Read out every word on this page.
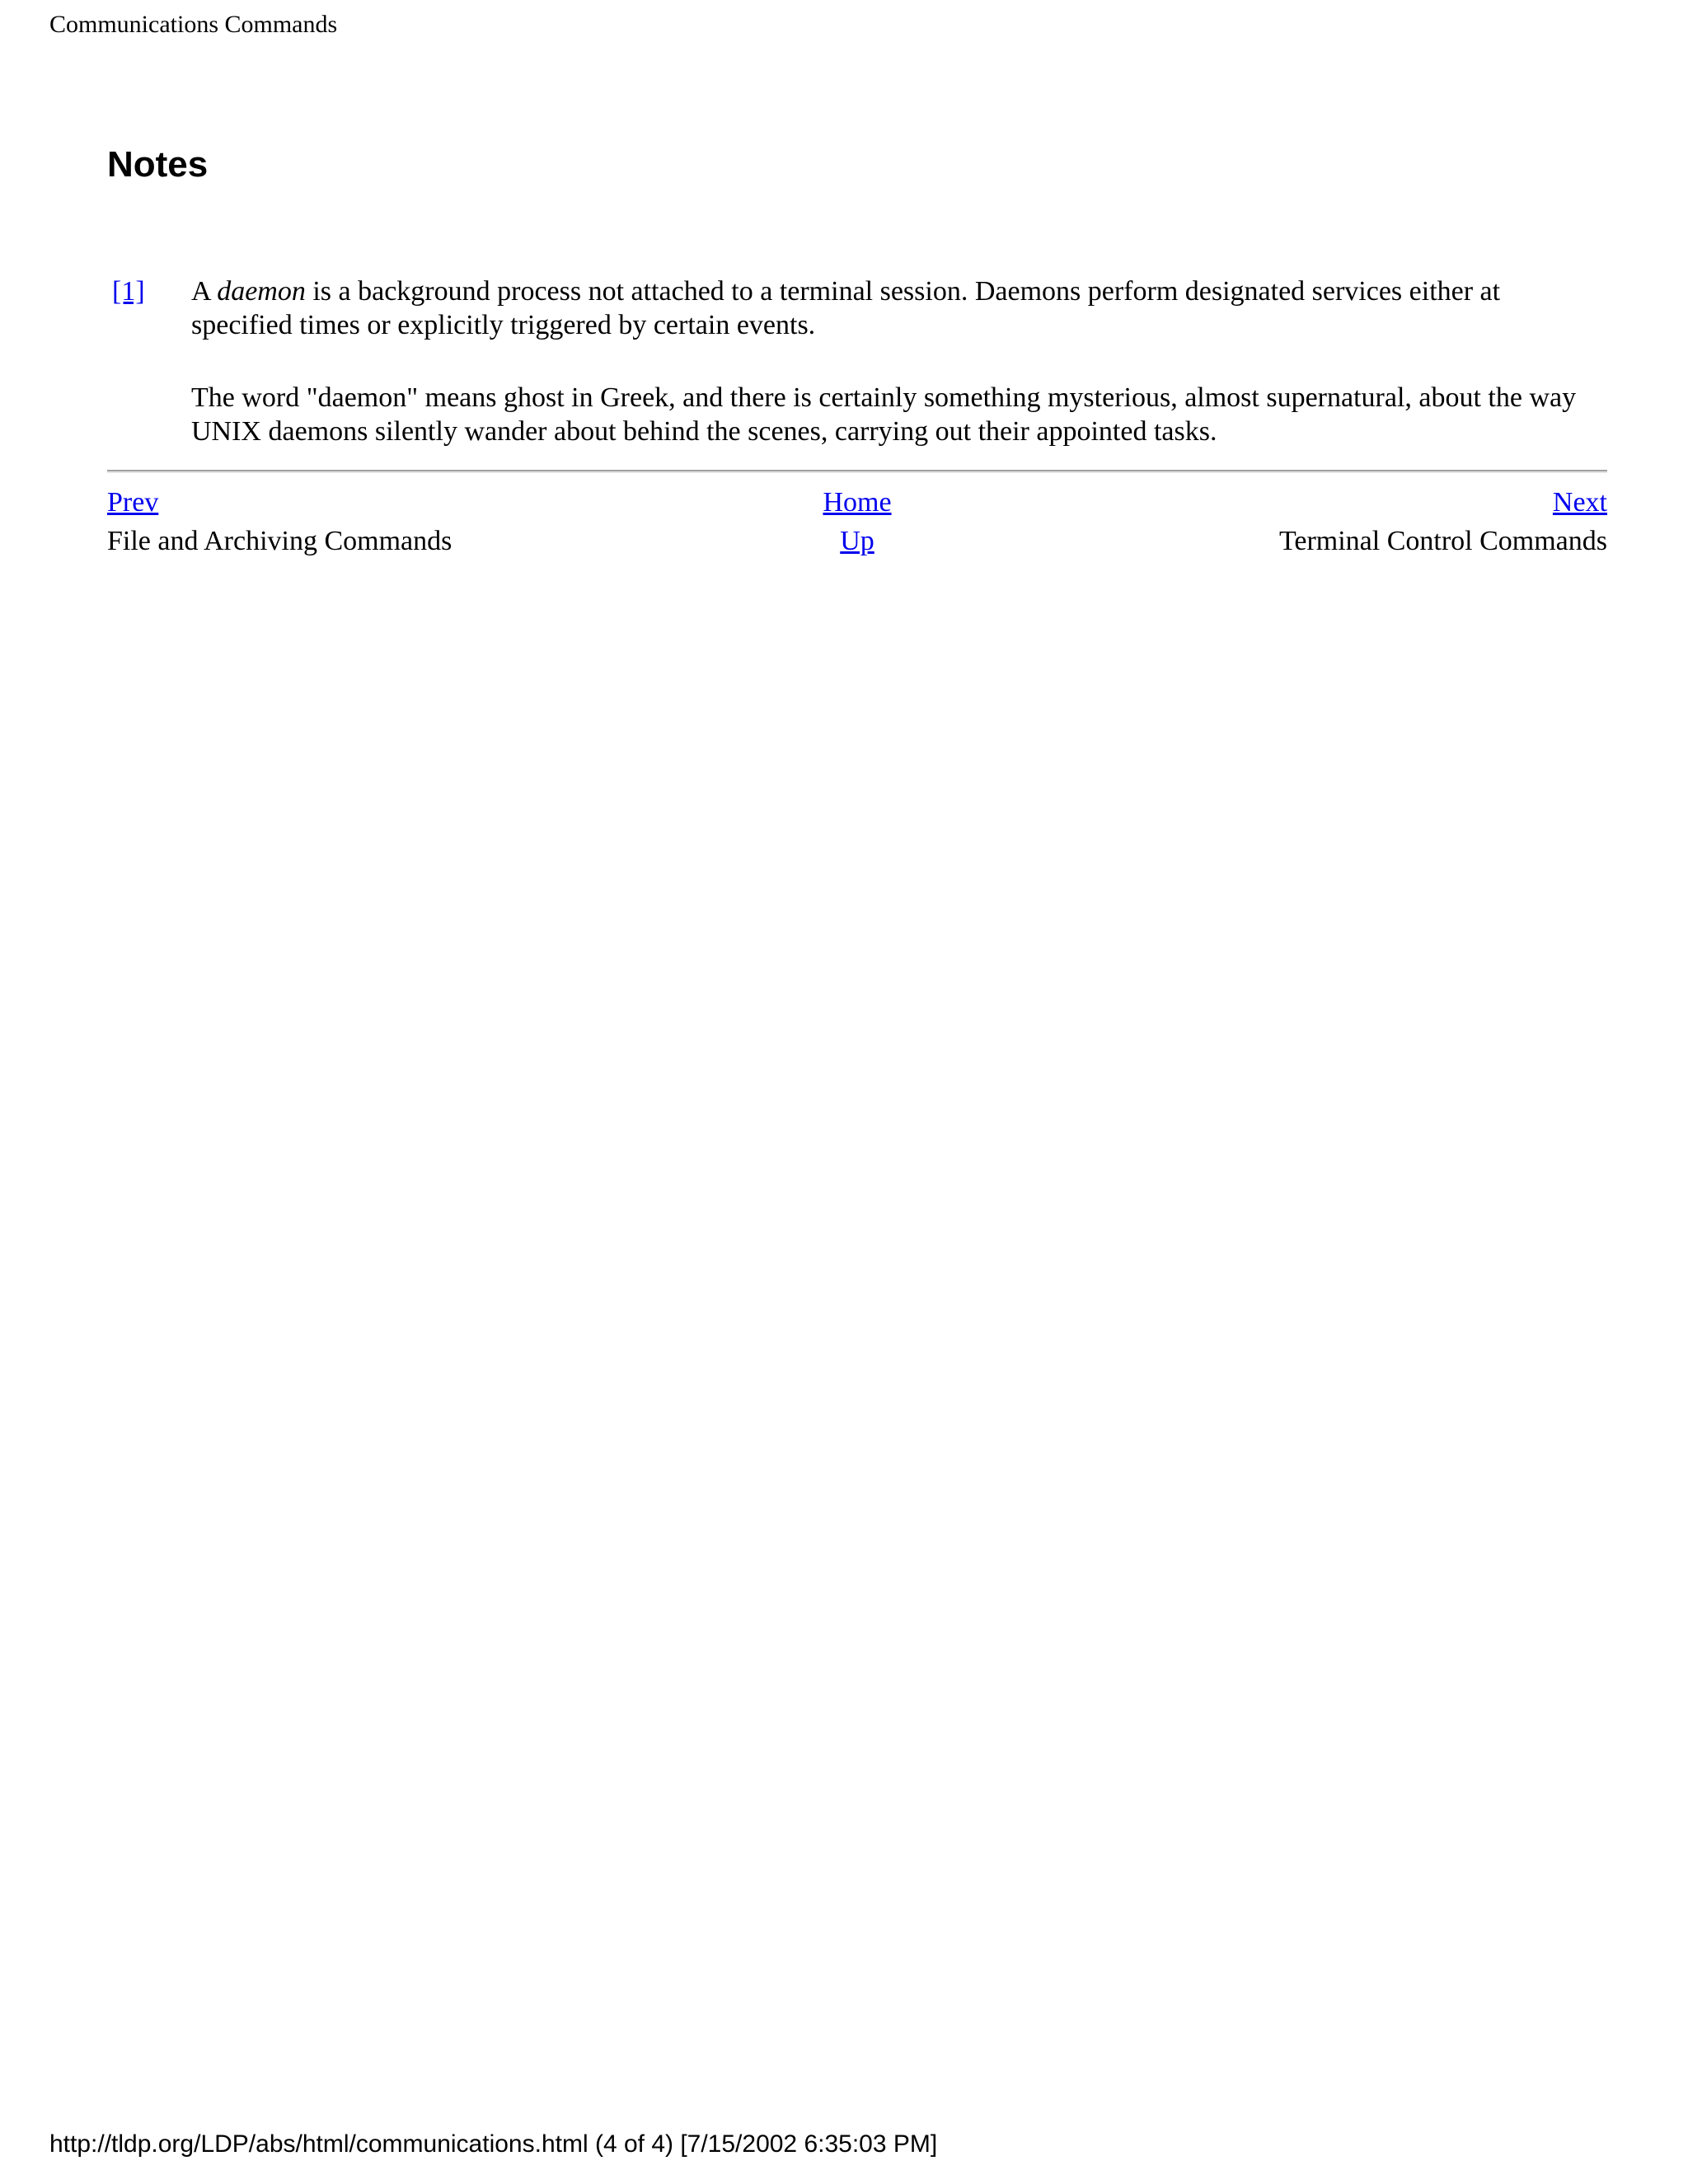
Communications Commands
Notes
[1] A daemon is a background process not attached to a terminal session. Daemons perform designated services either at specified times or explicitly triggered by certain events.

The word "daemon" means ghost in Greek, and there is certainly something mysterious, almost supernatural, about the way UNIX daemons silently wander about behind the scenes, carrying out their appointed tasks.

Prev	Home	Next
File and Archiving Commands	Up	Terminal Control Commands
http://tldp.org/LDP/abs/html/communications.html (4 of 4) [7/15/2002 6:35:03 PM]
